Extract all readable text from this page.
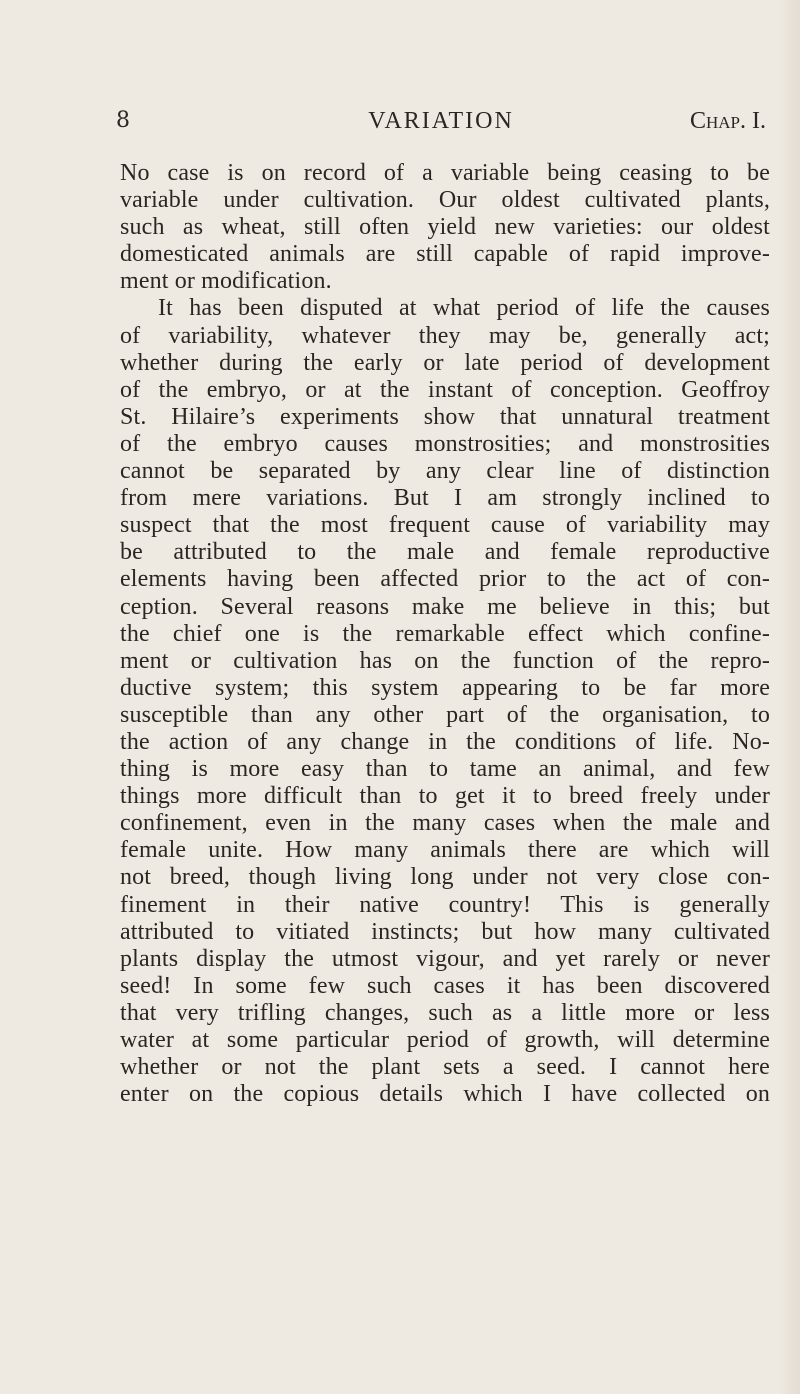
8	VARIATION	Chap. I.
No case is on record of a variable being ceasing to be
variable under cultivation. Our oldest cultivated plants,
such as wheat, still often yield new varieties: our oldest
domesticated animals are still capable of rapid improve-
ment or modification.
It has been disputed at what period of life the causes
of variability, whatever they may be, generally act;
whether during the early or late period of development
of the embryo, or at the instant of conception. Geoffroy
St. Hilaire’s experiments show that unnatural treatment
of the embryo causes monstrosities; and monstrosities
cannot be separated by any clear line of distinction
from mere variations. But I am strongly inclined to
suspect that the most frequent cause of variability may
be attributed to the male and female reproductive
elements having been affected prior to the act of con-
ception. Several reasons make me believe in this; but
the chief one is the remarkable effect which confine-
ment or cultivation has on the function of the repro-
ductive system; this system appearing to be far more
susceptible than any other part of the organisation, to
the action of any change in the conditions of life. No-
thing is more easy than to tame an animal, and few
things more difficult than to get it to breed freely under
confinement, even in the many cases when the male and
female unite. How many animals there are which will
not breed, though living long under not very close con-
finement in their native country! This is generally
attributed to vitiated instincts; but how many cultivated
plants display the utmost vigour, and yet rarely or never
seed! In some few such cases it has been discovered
that very trifling changes, such as a little more or less
water at some particular period of growth, will determine
whether or not the plant sets a seed. I cannot here
enter on the copious details which I have collected on
